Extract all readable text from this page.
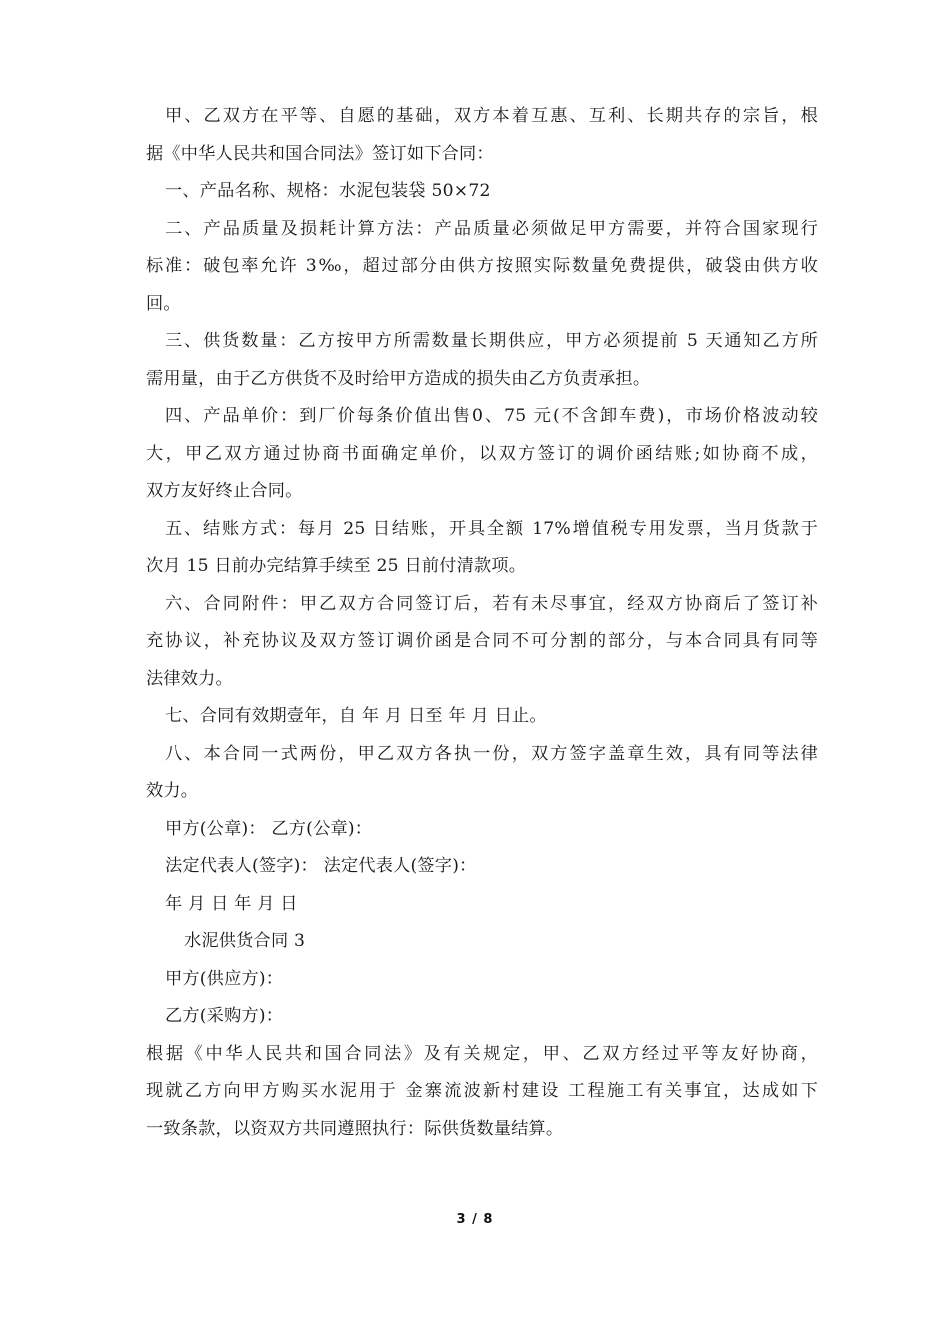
甲、乙双方在平等、自愿的基础，双方本着互惠、互利、长期共存的宗旨，根
据《中华人民共和国合同法》签订如下合同：
一、产品名称、规格：水泥包装袋 50×72
二、产品质量及损耗计算方法：产品质量必须做足甲方需要，并符合国家现行
标准：破包率允许 3‰，超过部分由供方按照实际数量免费提供，破袋由供方收
回。
三、供货数量：乙方按甲方所需数量长期供应，甲方必须提前 5 天通知乙方所
需用量，由于乙方供货不及时给甲方造成的损失由乙方负责承担。
四、产品单价：到厂价每条价值出售0、75 元(不含卸车费)，市场价格波动较
大，甲乙双方通过协商书面确定单价，以双方签订的调价函结账;如协商不成，
双方友好终止合同。
五、结账方式：每月 25 日结账，开具全额 17%增值税专用发票，当月货款于
次月 15 日前办完结算手续至 25 日前付清款项。
六、合同附件：甲乙双方合同签订后，若有未尽事宜，经双方协商后了签订补
充协议，补充协议及双方签订调价函是合同不可分割的部分，与本合同具有同等
法律效力。
七、合同有效期壹年，自 年 月 日至 年 月 日止。
八、本合同一式两份，甲乙双方各执一份，双方签字盖章生效，具有同等法律
效力。
甲方(公章)： 乙方(公章)：
法定代表人(签字)： 法定代表人(签字)：
年 月 日 年 月 日
水泥供货合同 3
甲方(供应方)：
乙方(采购方)：
根据《中华人民共和国合同法》及有关规定，甲、乙双方经过平等友好协商，
现就乙方向甲方购买水泥用于 金寨流波新村建设 工程施工有关事宜，达成如下
一致条款，以资双方共同遵照执行：际供货数量结算。
3 / 8
